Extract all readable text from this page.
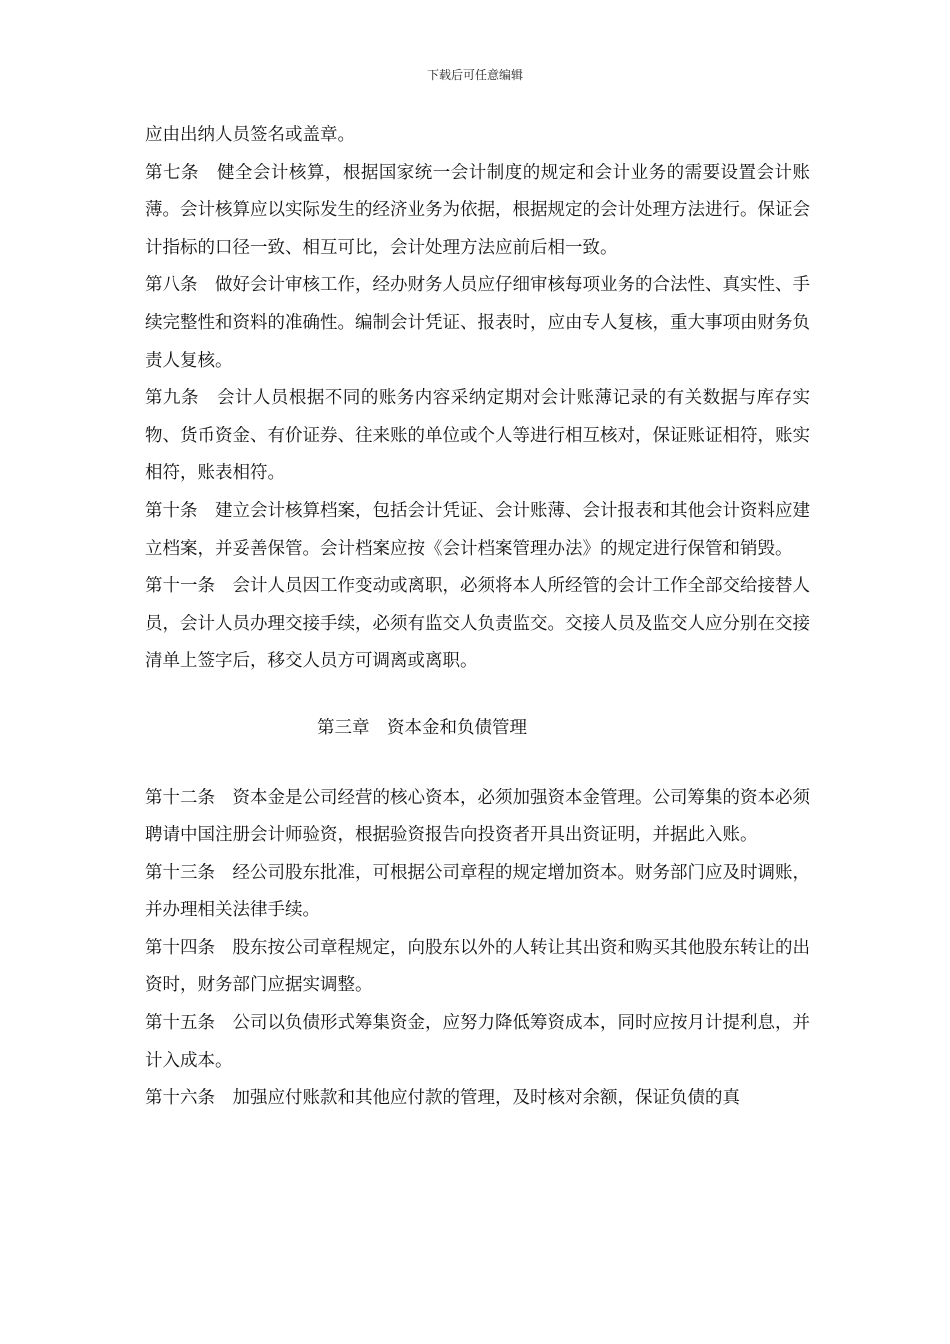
下载后可任意编辑

应由出纳人员签名或盖章。

第七条　健全会计核算，根据国家统一会计制度的规定和会计业务的需要设置会计账薄。会计核算应以实际发生的经济业务为依据，根据规定的会计处理方法进行。保证会计指标的口径一致、相互可比，会计处理方法应前后相一致。

第八条　做好会计审核工作，经办财务人员应仔细审核每项业务的合法性、真实性、手续完整性和资料的准确性。编制会计凭证、报表时，应由专人复核，重大事项由财务负责人复核。

第九条　会计人员根据不同的账务内容采纳定期对会计账薄记录的有关数据与库存实物、货币资金、有价证券、往来账的单位或个人等进行相互核对，保证账证相符，账实相符，账表相符。

第十条　建立会计核算档案，包括会计凭证、会计账薄、会计报表和其他会计资料应建立档案，并妥善保管。会计档案应按《会计档案管理办法》的规定进行保管和销毁。

第十一条　会计人员因工作变动或离职，必须将本人所经管的会计工作全部交给接替人员，会计人员办理交接手续，必须有监交人负责监交。交接人员及监交人应分别在交接清单上签字后，移交人员方可调离或离职。

第三章　资本金和负债管理

第十二条　资本金是公司经营的核心资本，必须加强资本金管理。公司筹集的资本必须聘请中国注册会计师验资，根据验资报告向投资者开具出资证明，并据此入账。

第十三条　经公司股东批准，可根据公司章程的规定增加资本。财务部门应及时调账，并办理相关法律手续。

第十四条　股东按公司章程规定，向股东以外的人转让其出资和购买其他股东转让的出资时，财务部门应据实调整。

第十五条　公司以负债形式筹集资金，应努力降低筹资成本，同时应按月计提利息，并计入成本。

第十六条　加强应付账款和其他应付款的管理，及时核对余额，保证负债的真
